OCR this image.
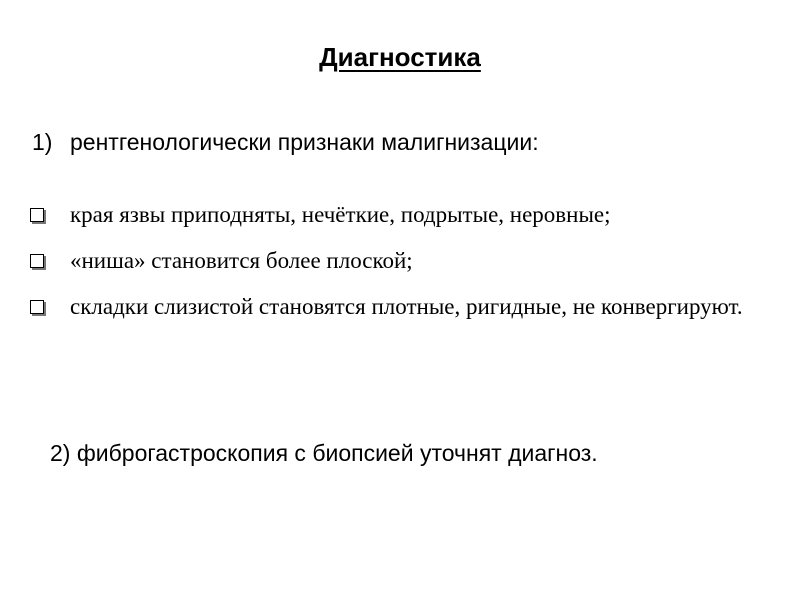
Диагностика
1) рентгенологически признаки малигнизации:
края язвы приподняты, нечёткие, подрытые, неровные;
«ниша» становится более плоской;
складки слизистой становятся плотные, ригидные, не конвергируют.
2) фиброгастроскопия с биопсией уточнят диагноз.
